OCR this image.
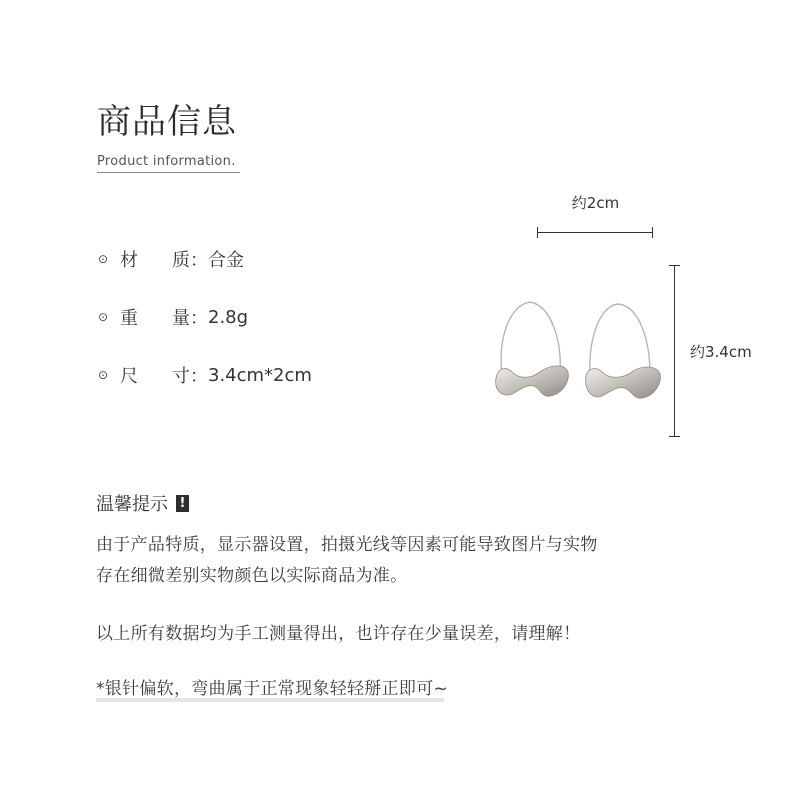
商品信息
Product information.
⊙ 材	质 ： 合金
⊙ 重	量 ： 2.8g
⊙ 尺	寸 ： 3.4cm*2cm
约2cm
约3.4cm
温馨提示 !
由于产品特质，显示器设置，拍摄光线等因素可能导致图片与实物
存在细微差别实物颜色以实际商品为准。
以上所有数据均为手工测量得出，也许存在少量误差，请理解！
*银针偏软，弯曲属于正常现象轻轻掰正即可~
